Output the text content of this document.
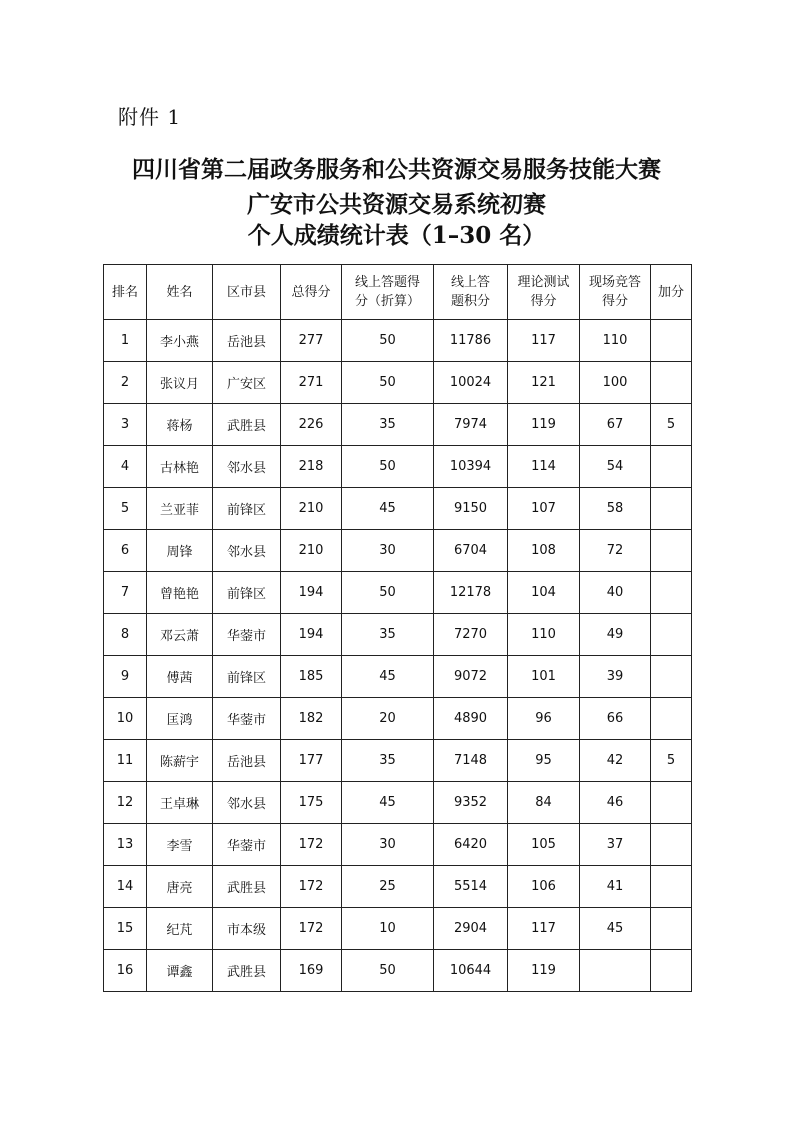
附件 1
四川省第二届政务服务和公共资源交易服务技能大赛
广安市公共资源交易系统初赛
个人成绩统计表（1–30 名）
排名	姓名	区市县	总得分	线上答题得分（折算）	线上答题积分	理论测试得分	现场竞答得分	加分
1	李小燕	岳池县	277	50	11786	117	110	
2	张议月	广安区	271	50	10024	121	100	
3	蒋杨	武胜县	226	35	7974	119	67	5
4	古林艳	邻水县	218	50	10394	114	54	
5	兰亚菲	前锋区	210	45	9150	107	58	
6	周锋	邻水县	210	30	6704	108	72	
7	曾艳艳	前锋区	194	50	12178	104	40	
8	邓云萧	华蓥市	194	35	7270	110	49	
9	傅茜	前锋区	185	45	9072	101	39	
10	匡鸿	华蓥市	182	20	4890	96	66	
11	陈薪宇	岳池县	177	35	7148	95	42	5
12	王卓琳	邻水县	175	45	9352	84	46	
13	李雪	华蓥市	172	30	6420	105	37	
14	唐亮	武胜县	172	25	5514	106	41	
15	纪芃	市本级	172	10	2904	117	45	
16	谭鑫	武胜县	169	50	10644	119		
